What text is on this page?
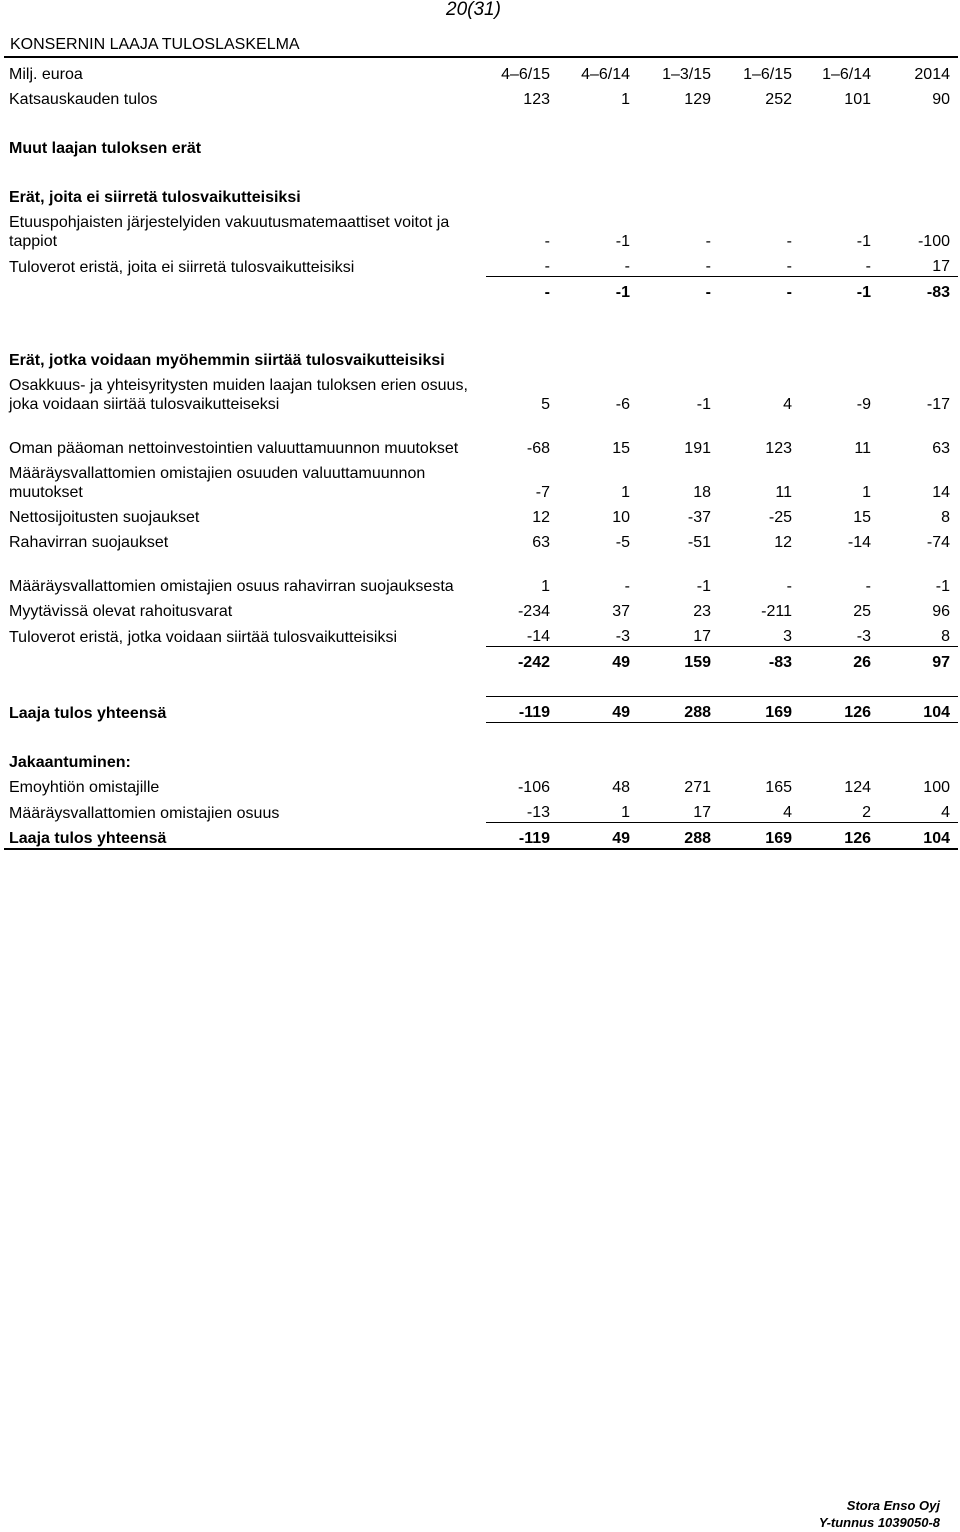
20(31)
KONSERNIN LAAJA TULOSLASKELMA
Milj. euroa	4–6/15	4–6/14	1–3/15	1–6/15	1–6/14	2014
Katsauskauden tulos	123	1	129	252	101	90

Muut laajan tuloksen erät						

Erät, joita ei siirretä tulosvaikutteisiksi						
Etuuspohjaisten järjestelyiden vakuutusmatemaattiset voitot ja tappiot	-	-1	-	-	-1	-100
Tuloverot eristä, joita ei siirretä tulosvaikutteisiksi	-	-	-	-	-	17
	-	-1	-	-	-1	-83

Erät, jotka voidaan myöhemmin siirtää tulosvaikutteisiksi						
Osakkuus- ja yhteisyritysten muiden laajan tuloksen erien osuus, joka voidaan siirtää tulosvaikutteiseksi	5	-6	-1	4	-9	-17
Oman pääoman nettoinvestointien valuuttamuunnon muutokset	-68	15	191	123	11	63
Määräysvallattomien omistajien osuuden valuuttamuunnon muutokset	-7	1	18	11	1	14
Nettosijoitusten suojaukset	12	10	-37	-25	15	8
Rahavirran suojaukset	63	-5	-51	12	-14	-74
Määräysvallattomien omistajien osuus rahavirran suojauksesta	1	-	-1	-	-	-1
Myytävissä olevat rahoitusvarat	-234	37	23	-211	25	96
Tuloverot eristä, jotka voidaan siirtää tulosvaikutteisiksi	-14	-3	17	3	-3	8
	-242	49	159	-83	26	97

Laaja tulos yhteensä	-119	49	288	169	126	104

Jakaantuminen:						
Emoyhtiön omistajille	-106	48	271	165	124	100
Määräysvallattomien omistajien osuus	-13	1	17	4	2	4
Laaja tulos yhteensä	-119	49	288	169	126	104
Stora Enso Oyj
Y-tunnus 1039050-8
